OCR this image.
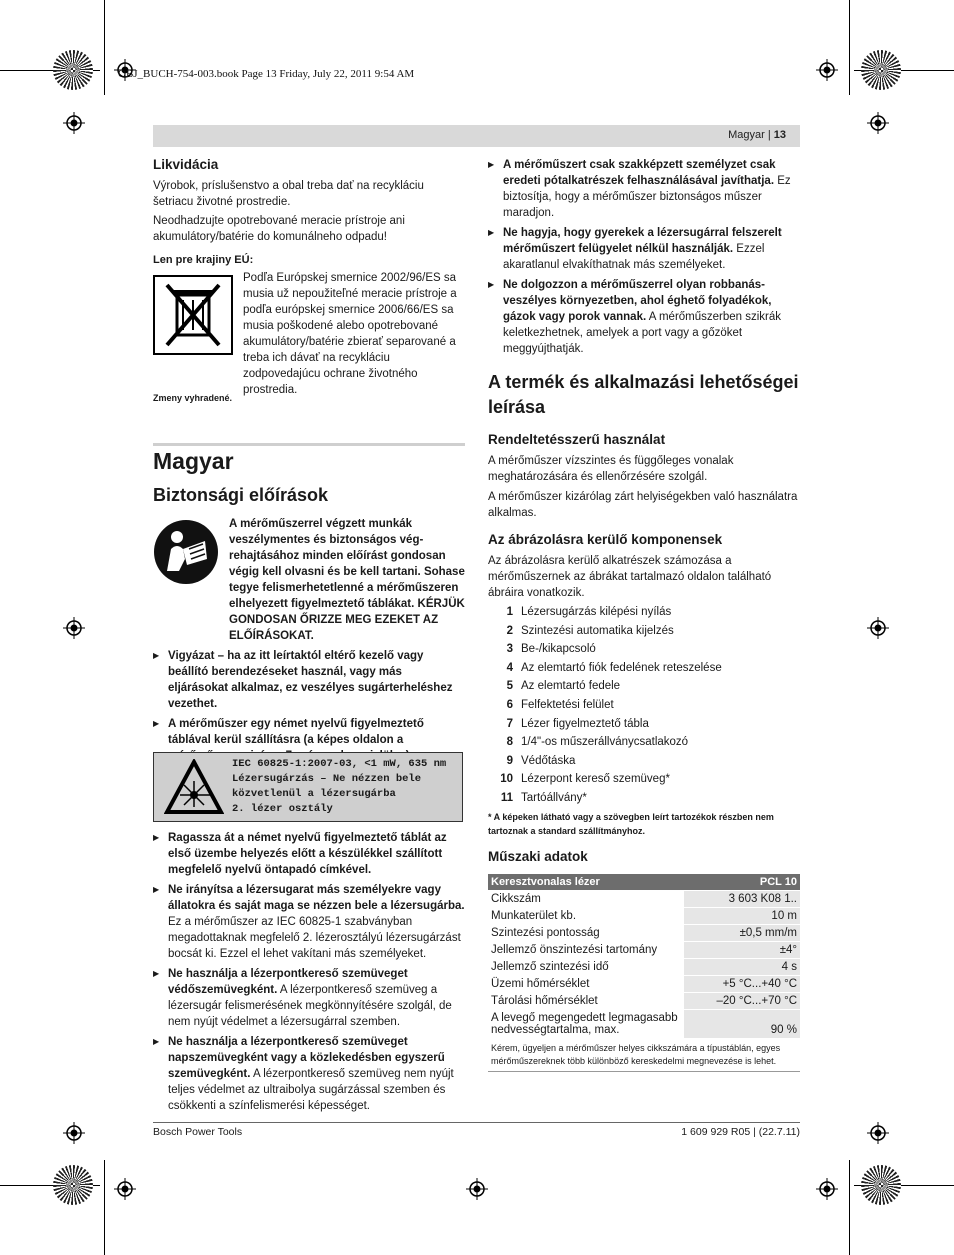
OBJ_BUCH-754-003.book Page 13 Friday, July 22, 2011 9:54 AM
Magyar | 13
Likvidácia

Výrobok, príslušenstvo a obal treba dať na recykláciu šetriacu životné prostredie.

Neodhadzujte opotrebované meracie prístroje ani akumulátory/batérie do komunálneho odpadu!

Len pre krajiny EÚ:

Podľa Európskej smernice 2002/96/ES sa musia už nepoužiteľné meracie prístroje a podľa európskej smernice 2006/66/ES sa musia poškodené alebo opotrebované akumulátory/batérie zbierať separované a treba ich dávať na recykláciu zodpovedajúcu ochrane životného prostredia.

Zmeny vyhradené.

Magyar
Biztonsági előírások

A mérőműszerrel végzett munkák veszélymentes és biztonságos vég-rehajtásához minden előírást gondosan végig kell olvasni és be kell tartani. Sohase tegye felismerhetetlenné a mérőműszeren elhelyezett figyelmeztető táblákat. KÉRJÜK GONDOSAN ŐRIZZE MEG EZEKET AZ ELŐÍRÁSOKAT.

▶ Vigyázat – ha az itt leírtaktól eltérő kezelő vagy beállító berendezéseket használ, vagy más eljárásokat alkalmaz, ez veszélyes sugárterheléshez vezethet.
▶ A mérőműszer egy német nyelvű figyelmeztető táblával kerül szállításra (a képes oldalon a
IEC 60825-1:2007-03, <1 mW, 635 nm
Lézersugárzás – Ne nézzen bele
közvetlenül a lézersugárba
2. lézer osztály
▶ Ragassza át a német nyelvű figyelmeztető táblát az első üzembe helyezés előtt a készülékkel szállított megfelelő nyelvű öntapadó címkével.
▶ Ne irányítsa a lézersugarat más személyekre vagy állatokra és saját maga se nézzen bele a lézersugárba. Ez a mérőműszer az IEC 60825-1 szabványban megadottaknak megfelelő 2. lézerosztályú lézersugárzást bocsát ki. Ezzel el lehet vakítani más személyeket.
▶ Ne használja a lézerpontkereső szemüveget védőszemüvegként. A lézerpontkereső szemüveg a lézersugár felismerésének megkönnyítésére szolgál, de nem nyújt védelmet a lézersugárral szemben.
▶ Ne használja a lézerpontkereső szemüveget napszemüvegként vagy a közlekedésben egyszerű szemüvegként. A lézerpontkereső szemüveg nem nyújt teljes védelmet az ultraibolya sugárzással szemben és csökkenti a színfelismerési képességet.
▶ A mérőműszert csak szakképzett személyzet csak eredeti pótalkatrészek felhasználásával javíthatja. Ez biztosítja, hogy a mérőműszer biztonságos műszer maradjon.
▶ Ne hagyja, hogy gyerekek a lézersugárral felszerelt mérőműszert felügyelet nélkül használják. Ezzel akaratlanul elvakíthatnak más személyeket.
▶ Ne dolgozzon a mérőműszerrel olyan robbanás-veszélyes környezetben, ahol éghető folyadékok, gázok vagy porok vannak. A mérőműszerben szikrák keletkezhetnek, amelyek a port vagy a gőzöket meggyújthatják.
A termék és alkalmazási lehetőségei leírása
Rendeltetésszerű használat

A mérőműszer vízszintes és függőleges vonalak meghatározására és ellenőrzésére szolgál.

A mérőműszer kizárólag zárt helyiségekben való használatra alkalmas.

Az ábrázolásra kerülő komponensek

Az ábrázolásra kerülő alkatrészek számozása a mérőműszernek az ábrákat tartalmazó oldalon található ábráira vonatkozik.

1 Lézersugárzás kilépési nyílás
2 Szintezési automatika kijelzés
3 Be-/kikapcsoló
4 Az elemtartó fiók fedelének reteszelése
5 Az elemtartó fedele
6 Felfektetési felület
7 Lézer figyelmeztető tábla
8 1/4"-os műszerállványcsatlakozó
9 Védőtáska
10 Lézerpont kereső szemüveg*
11 Tartóállvány*

* A képeken látható vagy a szövegben leírt tartozékok részben nem tartoznak a standard szállítmányhoz.

Műszaki adatok
Keresztvonalas lézer	PCL 10
Cikkszám	3 603 K08 1..
Munkaterület kb.	10 m
Szintezési pontosság	±0,5 mm/m
Jellemző önszintezési tartomány	±4°
Jellemző szintezési idő	4 s
Üzemi hőmérséklet	+5 °C...+40 °C
Tárolási hőmérséklet	–20 °C...+70 °C
A levegő megengedett legmagasabb nedvességtartalma, max.	90 %
Kérem, ügyeljen a mérőműszer helyes cikkszámára a típustáblán, egyes mérőműszereknek több különböző kereskedelmi megnevezése is lehet.	
Bosch Power Tools	1 609 929 R05 | (22.7.11)
